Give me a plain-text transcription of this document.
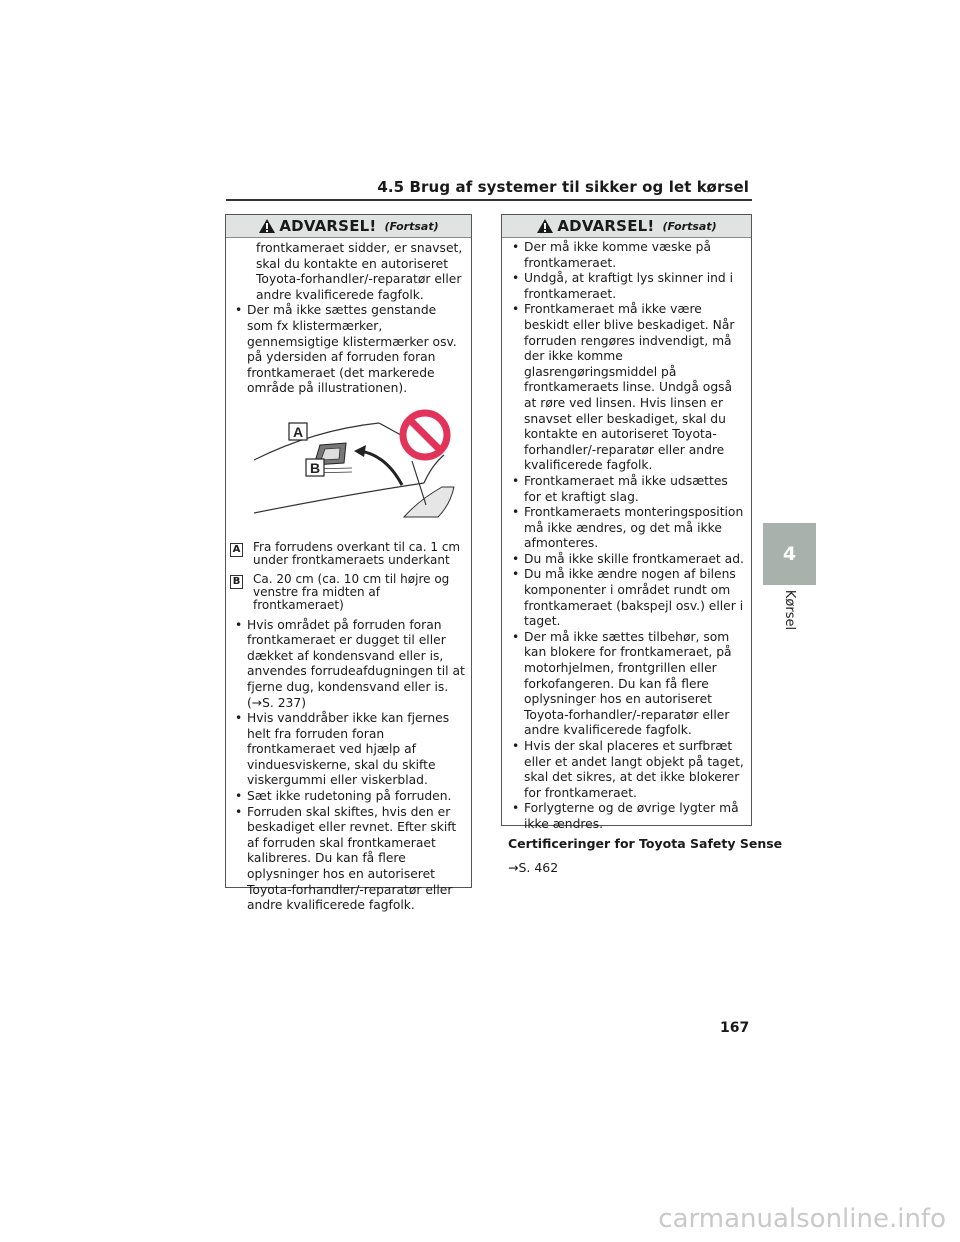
4.5 Brug af systemer til sikker og let kørsel
4
Kørsel
ADVARSEL! (Fortsat)
frontkameraet sidder, er snavset, skal du kontakte en autoriseret Toyota-forhandler/-reparatør eller andre kvalificerede fagfolk.
• Der må ikke sættes genstande som fx klistermærker, gennemsigtige klistermærker osv. på ydersiden af forruden foran frontkameraet (det markerede område på illustrationen).
A
B
A Fra forrudens overkant til ca. 1 cm under frontkameraets underkant
B Ca. 20 cm (ca. 10 cm til højre og venstre fra midten af frontkameraet)
• Hvis området på forruden foran frontkameraet er dugget til eller dækket af kondensvand eller is, anvendes forrudeafdugningen til at fjerne dug, kondensvand eller is. (→S. 237)
• Hvis vanddråber ikke kan fjernes helt fra forruden foran frontkameraet ved hjælp af vinduesviskerne, skal du skifte viskergummi eller viskerblad.
• Sæt ikke rudetoning på forruden.
• Forruden skal skiftes, hvis den er beskadiget eller revnet. Efter skift af forruden skal frontkameraet kalibreres. Du kan få flere oplysninger hos en autoriseret Toyota-forhandler/-reparatør eller andre kvalificerede fagfolk.
ADVARSEL! (Fortsat)
• Der må ikke komme væske på frontkameraet.
• Undgå, at kraftigt lys skinner ind i frontkameraet.
• Frontkameraet må ikke være beskidt eller blive beskadiget. Når forruden rengøres indvendigt, må der ikke komme glasrengøringsmiddel på frontkameraets linse. Undgå også at røre ved linsen. Hvis linsen er snavset eller beskadiget, skal du kontakte en autoriseret Toyota-forhandler/-reparatør eller andre kvalificerede fagfolk.
• Frontkameraet må ikke udsættes for et kraftigt slag.
• Frontkameraets monteringsposition må ikke ændres, og det må ikke afmonteres.
• Du må ikke skille frontkameraet ad.
• Du må ikke ændre nogen af bilens komponenter i området rundt om frontkameraet (bakspejl osv.) eller i taget.
• Der må ikke sættes tilbehør, som kan blokere for frontkameraet, på motorhjelmen, frontgrillen eller forkofangeren. Du kan få flere oplysninger hos en autoriseret Toyota-forhandler/-reparatør eller andre kvalificerede fagfolk.
• Hvis der skal placeres et surfbræt eller et andet langt objekt på taget, skal det sikres, at det ikke blokerer for frontkameraet.
• Forlygterne og de øvrige lygter må ikke ændres.
Certificeringer for Toyota Safety Sense
→S. 462
167
carmanualsonline.info
